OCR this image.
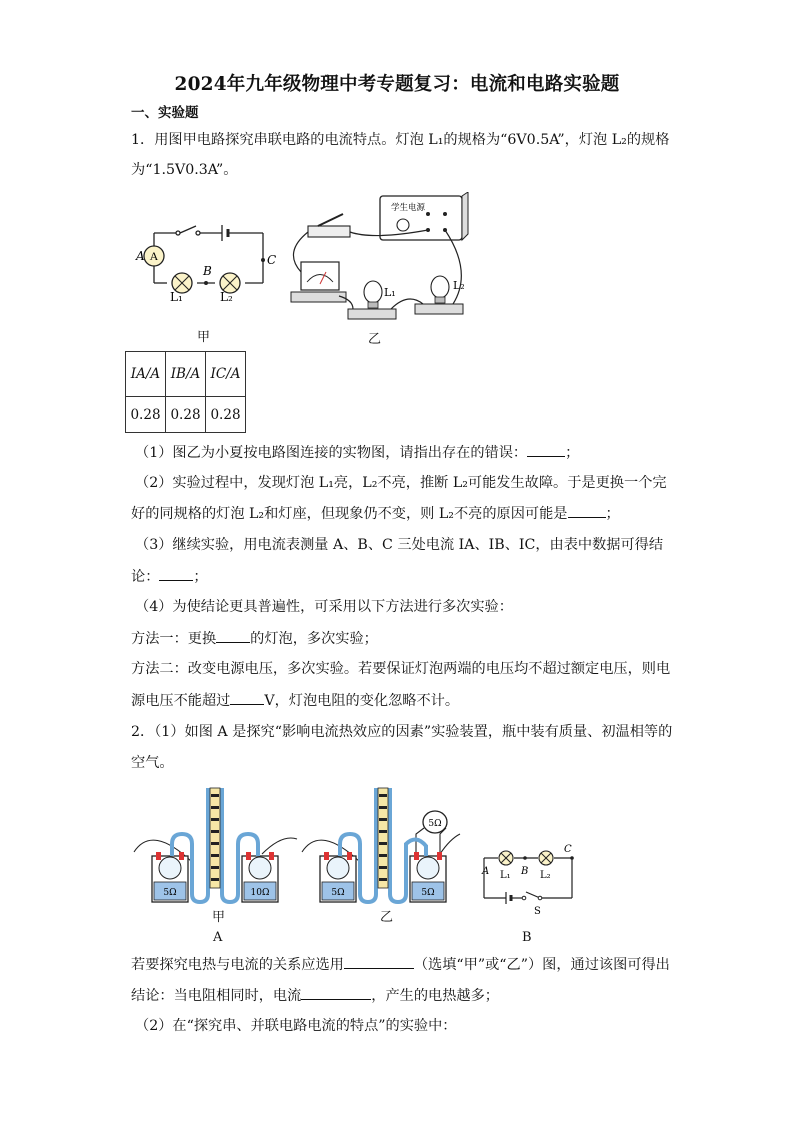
2024年九年级物理中考专题复习：电流和电路实验题
一、实验题
1．用图甲电路探究串联电路的电流特点。灯泡 L₁的规格为“6V0.5A”，灯泡 L₂的规格
为“1.5V0.3A”。
A
A
B
C
L₁	L₂
甲
学生电源
L₁
L₂
乙
IA/A	IB/A	IC/A
0.28	0.28	0.28
（1）图乙为小夏按电路图连接的实物图，请指出存在的错误：	；
（2）实验过程中，发现灯泡 L₁亮，L₂不亮，推断 L₂可能发生故障。于是更换一个完
好的同规格的灯泡 L₂和灯座，但现象仍不变，则 L₂不亮的原因可能是	；
（3）继续实验，用电流表测量 A、B、C 三处电流 IA、IB、IC，由表中数据可得结
论： ；
（4）为使结论更具普遍性，可采用以下方法进行多次实验：
方法一：更换 的灯泡，多次实验；
方法二：改变电源电压，多次实验。若要保证灯泡两端的电压均不超过额定电压，则电
源电压不能超过 V，灯泡电阻的变化忽略不计。
2．（1）如图 A 是探究“影响电流热效应的因素”实验装置，瓶中装有质量、初温相等的
空气。
5Ω	10Ω
甲
5Ω	5Ω
5Ω
乙
A
A	B
C
L₁	L₂
S
B
若要探究电热与电流的关系应选用	（选填“甲”或“乙”）图，通过该图可得出
结论：当电阻相同时，电流	，产生的电热越多；
（2）在“探究串、并联电路电流的特点”的实验中：
